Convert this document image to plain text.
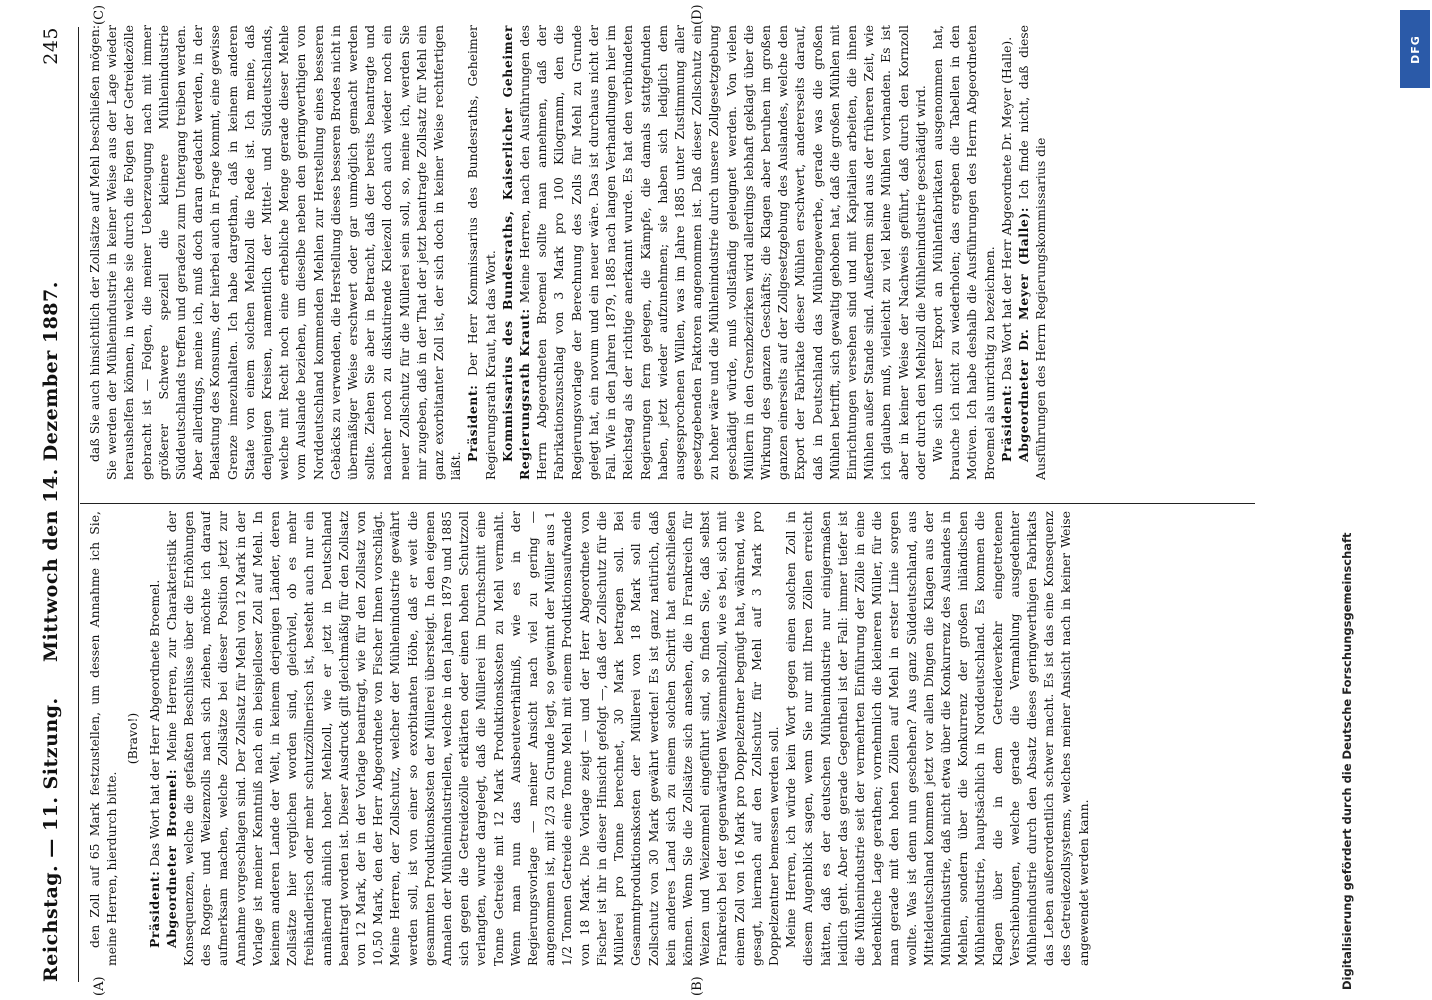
Reichstag. — 11. Sitzung.
Mittwoch den 14. Dezember 1887.
245
(A)	(B)
(C)	(D)

den Zoll auf 65 Mark festzustellen, um dessen Annahme ich Sie, meine Herren, hierdurch bitte.

(Bravo!)

Präsident: Das Wort hat der Herr Abgeordnete Broemel. Abgeordneter Broemel: Meine Herren, zur Charakteristik der Konsequenzen, welche die gefaßten Beschlüsse über die Erhöhungen des Roggen- und Weizenzolls nach sich ziehen, möchte ich darauf aufmerksam machen, welche Zollsätze bei dieser Position jetzt zur Annahme vorgeschlagen sind. Der Zollsatz für Mehl von 12 Mark in der Vorlage ist meiner Kenntniß nach ein beispielloser Zoll auf Mehl. In keinem anderen Lande der Welt, in keinem derjenigen Länder, deren Zollsätze hier verglichen worden sind, gleichviel, ob es mehr freihändlerisch oder mehr schutzzöllnerisch ist, besteht auch nur ein annähernd ähnlich hoher Mehlzoll, wie er jetzt in Deutschland beantragt worden ist. Dieser Ausdruck gilt gleichmäßig für den Zollsatz von 12 Mark, der in der Vorlage beantragt, wie für den Zollsatz von 10,50 Mark, den der Herr Abgeordnete von Fischer Ihnen vorschlägt. Meine Herren, der Zollschutz, welcher der Mühlenindustrie gewährt werden soll, ist von einer so exorbitanten Höhe, daß er weit die gesammten Produktionskosten der Müllerei übersteigt. In den eigenen Annalen der Mühlenindustriellen, welche in den Jahren 1879 und 1885 sich gegen die Getreidezölle erklärten oder einen hohen Schutzzoll verlangten, wurde dargelegt, daß die Müllerei im Durchschnitt eine Tonne Getreide mit 12 Mark Produktionskosten zu Mehl vermahlt. Wenn man nun das Ausbeuteverhältniß, wie es in der Regierungsvorlage — meiner Ansicht nach viel zu gering — angenommen ist, mit 2/3 zu Grunde legt, so gewinnt der Müller aus 1 1/2 Tonnen Getreide eine Tonne Mehl mit einem Produktionsaufwande von 18 Mark. Die Vorlage zeigt — und der Herr Abgeordnete von Fischer ist ihr in dieser Hinsicht gefolgt —, daß der Zollschutz für die Müllerei pro Tonne berechnet, 30 Mark betragen soll. Bei Gesammtproduktionskosten der Müllerei von 18 Mark soll ein Zollschutz von 30 Mark gewährt werden! Es ist ganz natürlich, daß kein anderes Land sich zu einem solchen Schritt hat entschließen können. Wenn Sie die Zollsätze sich ansehen, die in Frankreich für Weizen und Weizenmehl eingeführt sind, so finden Sie, daß selbst Frankreich bei der gegenwärtigen Weizenmehlzoll, wie es bei, sich mit einem Zoll von 16 Mark pro Doppelzentner begnügt hat, während, wie gesagt, hiernach auf den Zollschutz für Mehl auf 3 Mark pro Doppelzentner bemessen werden soll. Meine Herren, ich würde kein Wort gegen einen solchen Zoll in diesem Augenblick sagen, wenn Sie nur mit Ihren Zöllen erreicht hätten, daß es der deutschen Mühlenindustrie nur einigermaßen leidlich geht. Aber das gerade Gegentheil ist der Fall: immer tiefer ist die Mühlenindustrie seit der vermehrten Einführung der Zölle in eine bedenkliche Lage gerathen; vornehmlich die kleineren Müller, für die man gerade mit den hohen Zöllen auf Mehl in erster Linie sorgen wollte. Was ist denn nun geschehen? Aus ganz Süddeutschland, aus Mitteldeutschland kommen jetzt vor allen Dingen die Klagen aus der Mühlenindustrie, daß nicht etwa über die Konkurrenz des Auslandes in Mehlen, sondern über die Konkurrenz der großen inländischen Mühlenindustrie, hauptsächlich in Norddeutschland. Es kommen die Klagen über die in dem Getreideverkehr eingetretenen Verschiebungen, welche gerade die Vermahlung ausgedehnter Mühlenindustrie durch den Absatz dieses geringwerthigen Fabrikats das Leben außerordentlich schwer macht. Es ist das eine Konsequenz des Getreidezollsystems, welches meiner Ansicht nach in keiner Weise angewendet werden kann.

daß Sie auch hinsichtlich der Zollsätze auf Mehl beschließen mögen: Sie werden der Mühlenindustrie in keiner Weise aus der Lage wieder heraushelfen können, in welche sie durch die Folgen der Getreidezölle gebracht ist — Folgen, die meiner Ueberzeugung nach mit immer größerer Schwere speziell die kleinere Mühlenindustrie Süddeutschlands treffen und geradezu zum Untergang treiben werden. Aber allerdings, meine ich, muß doch daran gedacht werden, in der Belastung des Konsums, der hierbei auch in Frage kommt, eine gewisse Grenze innezuhalten. Ich habe dargethan, daß in keinem anderen Staate von einem solchen Mehlzoll die Rede ist. Ich meine, daß denjenigen Kreisen, namentlich der Mittel- und Süddeutschlands, welche mit Recht noch eine erhebliche Menge gerade dieser Mehle vom Auslande beziehen, um dieselbe neben den geringwerthigen von Norddeutschland kommenden Mehlen zur Herstellung eines besseren Gebäcks zu verwenden, die Herstellung dieses besseren Brodes nicht in übermäßiger Weise erschwert oder gar unmöglich gemacht werden sollte. Ziehen Sie aber in Betracht, daß der bereits beantragte und nachher noch zu diskutirende Kleiezoll doch auch wieder noch ein neuer Zollschutz für die Müllerei sein soll, so, meine ich, werden Sie mir zugeben, daß in der That der jetzt beantragte Zollsatz für Mehl ein ganz exorbitanter Zoll ist, der sich doch in keiner Weise rechtfertigen läßt.

Präsident: Der Herr Kommissarius des Bundesraths, Geheimer Regierungsrath Kraut, hat das Wort. Kommissarius des Bundesraths, Kaiserlicher Geheimer Regierungsrath Kraut: Meine Herren, nach den Ausführungen des Herrn Abgeordneten Broemel sollte man annehmen, daß der Fabrikationszuschlag von 3 Mark pro 100 Kilogramm, den die Regierungsvorlage der Berechnung des Zolls für Mehl zu Grunde gelegt hat, ein novum und ein neuer wäre. Das ist durchaus nicht der Fall. Wie in den Jahren 1879, 1885 nach langen Verhandlungen hier im Reichstag als der richtige anerkannt wurde. Es hat den verbündeten Regierungen fern gelegen, die Kämpfe, die damals stattgefunden haben, jetzt wieder aufzunehmen; sie haben sich lediglich dem ausgesprochenen Willen, was im Jahre 1885 unter Zustimmung aller gesetzgebenden Faktoren angenommen ist. Daß dieser Zollschutz ein zu hoher wäre und die Mühlenindustrie durch unsere Zollgesetzgebung geschädigt würde, muß vollständig geleugnet werden. Von vielen Müllern in den Grenzbezirken wird allerdings lebhaft geklagt über die Wirkung des ganzen Geschäfts; die Klagen aber beruhen im großen ganzen einerseits auf der Zollgesetzgebung des Auslandes, welche den Export der Fabrikate dieser Mühlen erschwert, andererseits darauf, daß in Deutschland das Mühlengewerbe, gerade was die großen Mühlen betrifft, sich gewaltig gehoben hat, daß die großen Mühlen mit Einrichtungen versehen sind und mit Kapitalien arbeiten, die ihnen Mühlen außer Stande sind. Außerdem sind aus der früheren Zeit, wie ich glauben muß, vielleicht zu viel kleine Mühlen vorhanden. Es ist aber in keiner Weise der Nachweis geführt, daß durch den Kornzoll oder durch den Mehlzoll die Mühlenindustrie geschädigt wird. Wie sich unser Export an Mühlenfabrikaten ausgenommen hat, brauche ich nicht zu wiederholen; das ergeben die Tabellen in den Motiven. Ich habe deshalb die Ausführungen des Herrn Abgeordneten Broemel als unrichtig zu bezeichnen. Präsident: Das Wort hat der Herr Abgeordnete Dr. Meyer (Halle). Abgeordneter Dr. Meyer (Halle): Ich finde nicht, daß diese Ausführungen des Herrn Regierungskommissarius die

Digitalisierung gefördert durch die Deutsche Forschungsgemeinschaft
DFG
